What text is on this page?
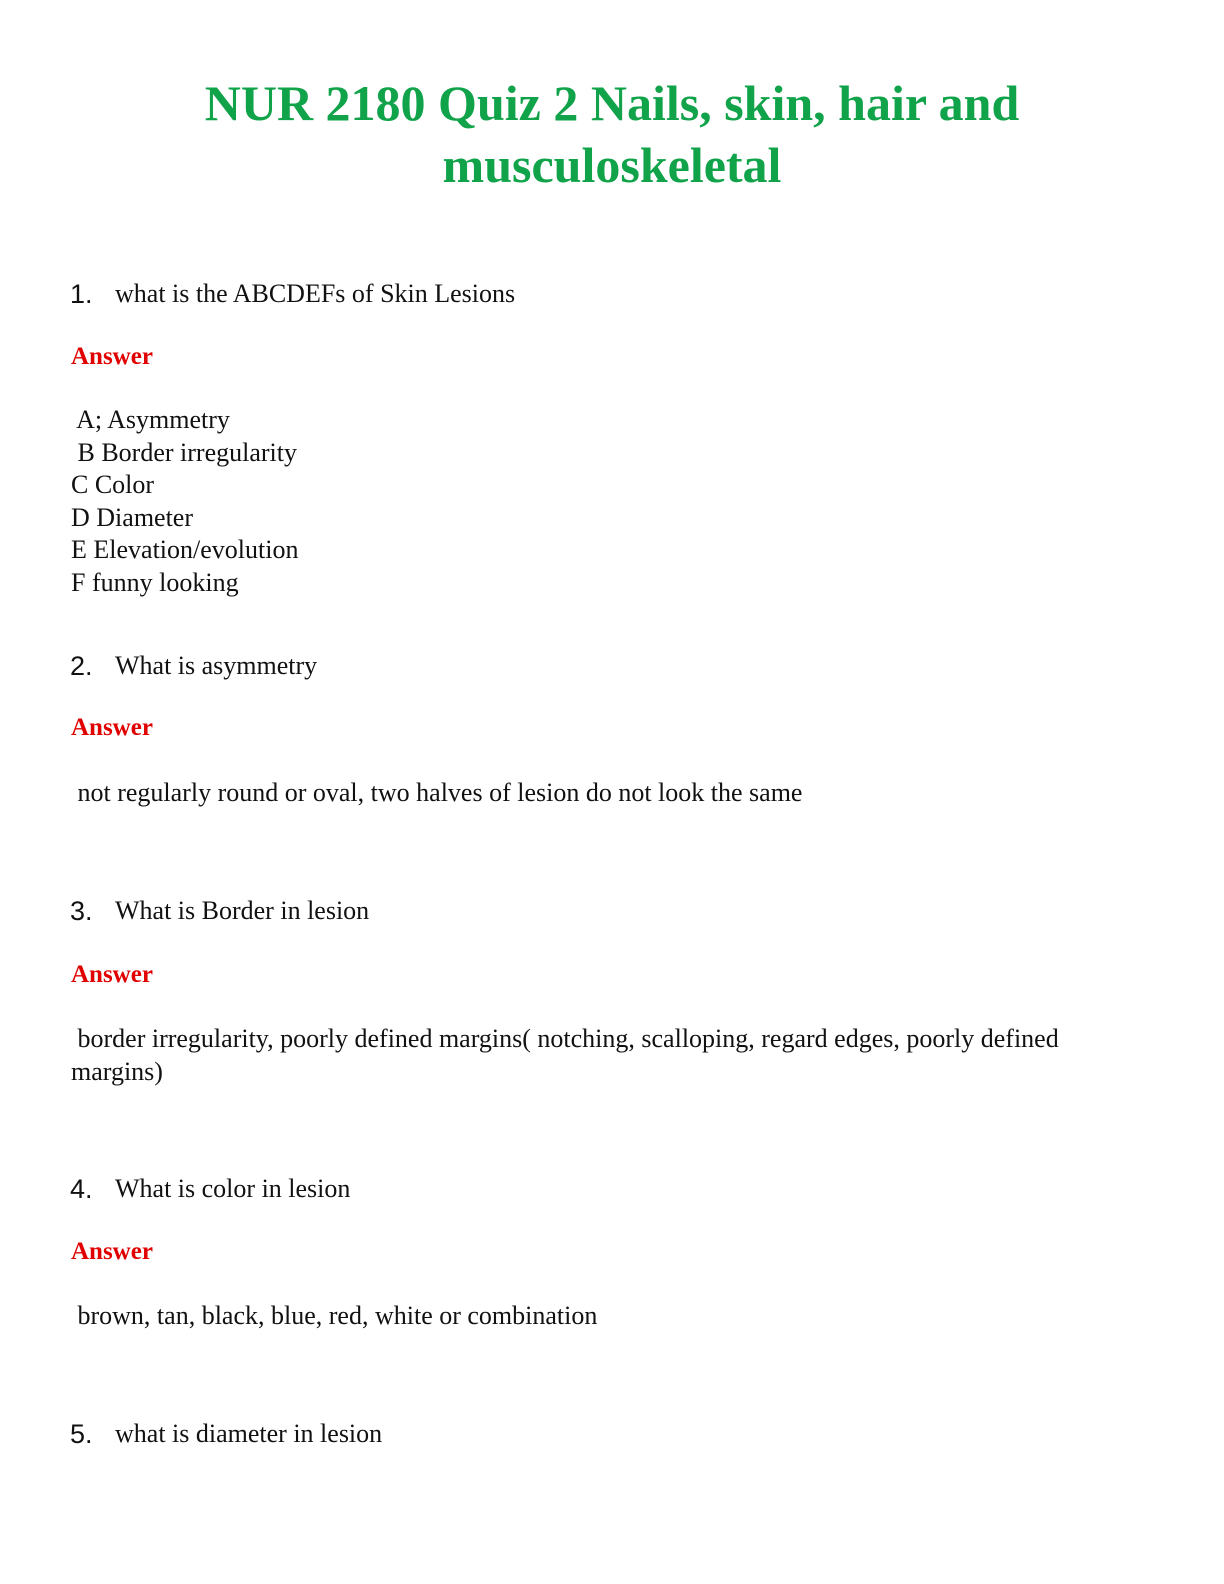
NUR 2180 Quiz 2 Nails, skin, hair and
musculoskeletal
1. what is the ABCDEFs of Skin Lesions
Answer
A; Asymmetry
B Border irregularity
C Color
D Diameter
E Elevation/evolution
F funny looking
2. What is asymmetry
Answer
not regularly round or oval, two halves of lesion do not look the same
3. What is Border in lesion
Answer
border irregularity, poorly defined margins( notching, scalloping, regard edges, poorly defined margins)
4. What is color in lesion
Answer
brown, tan, black, blue, red, white or combination
5. what is diameter in lesion
